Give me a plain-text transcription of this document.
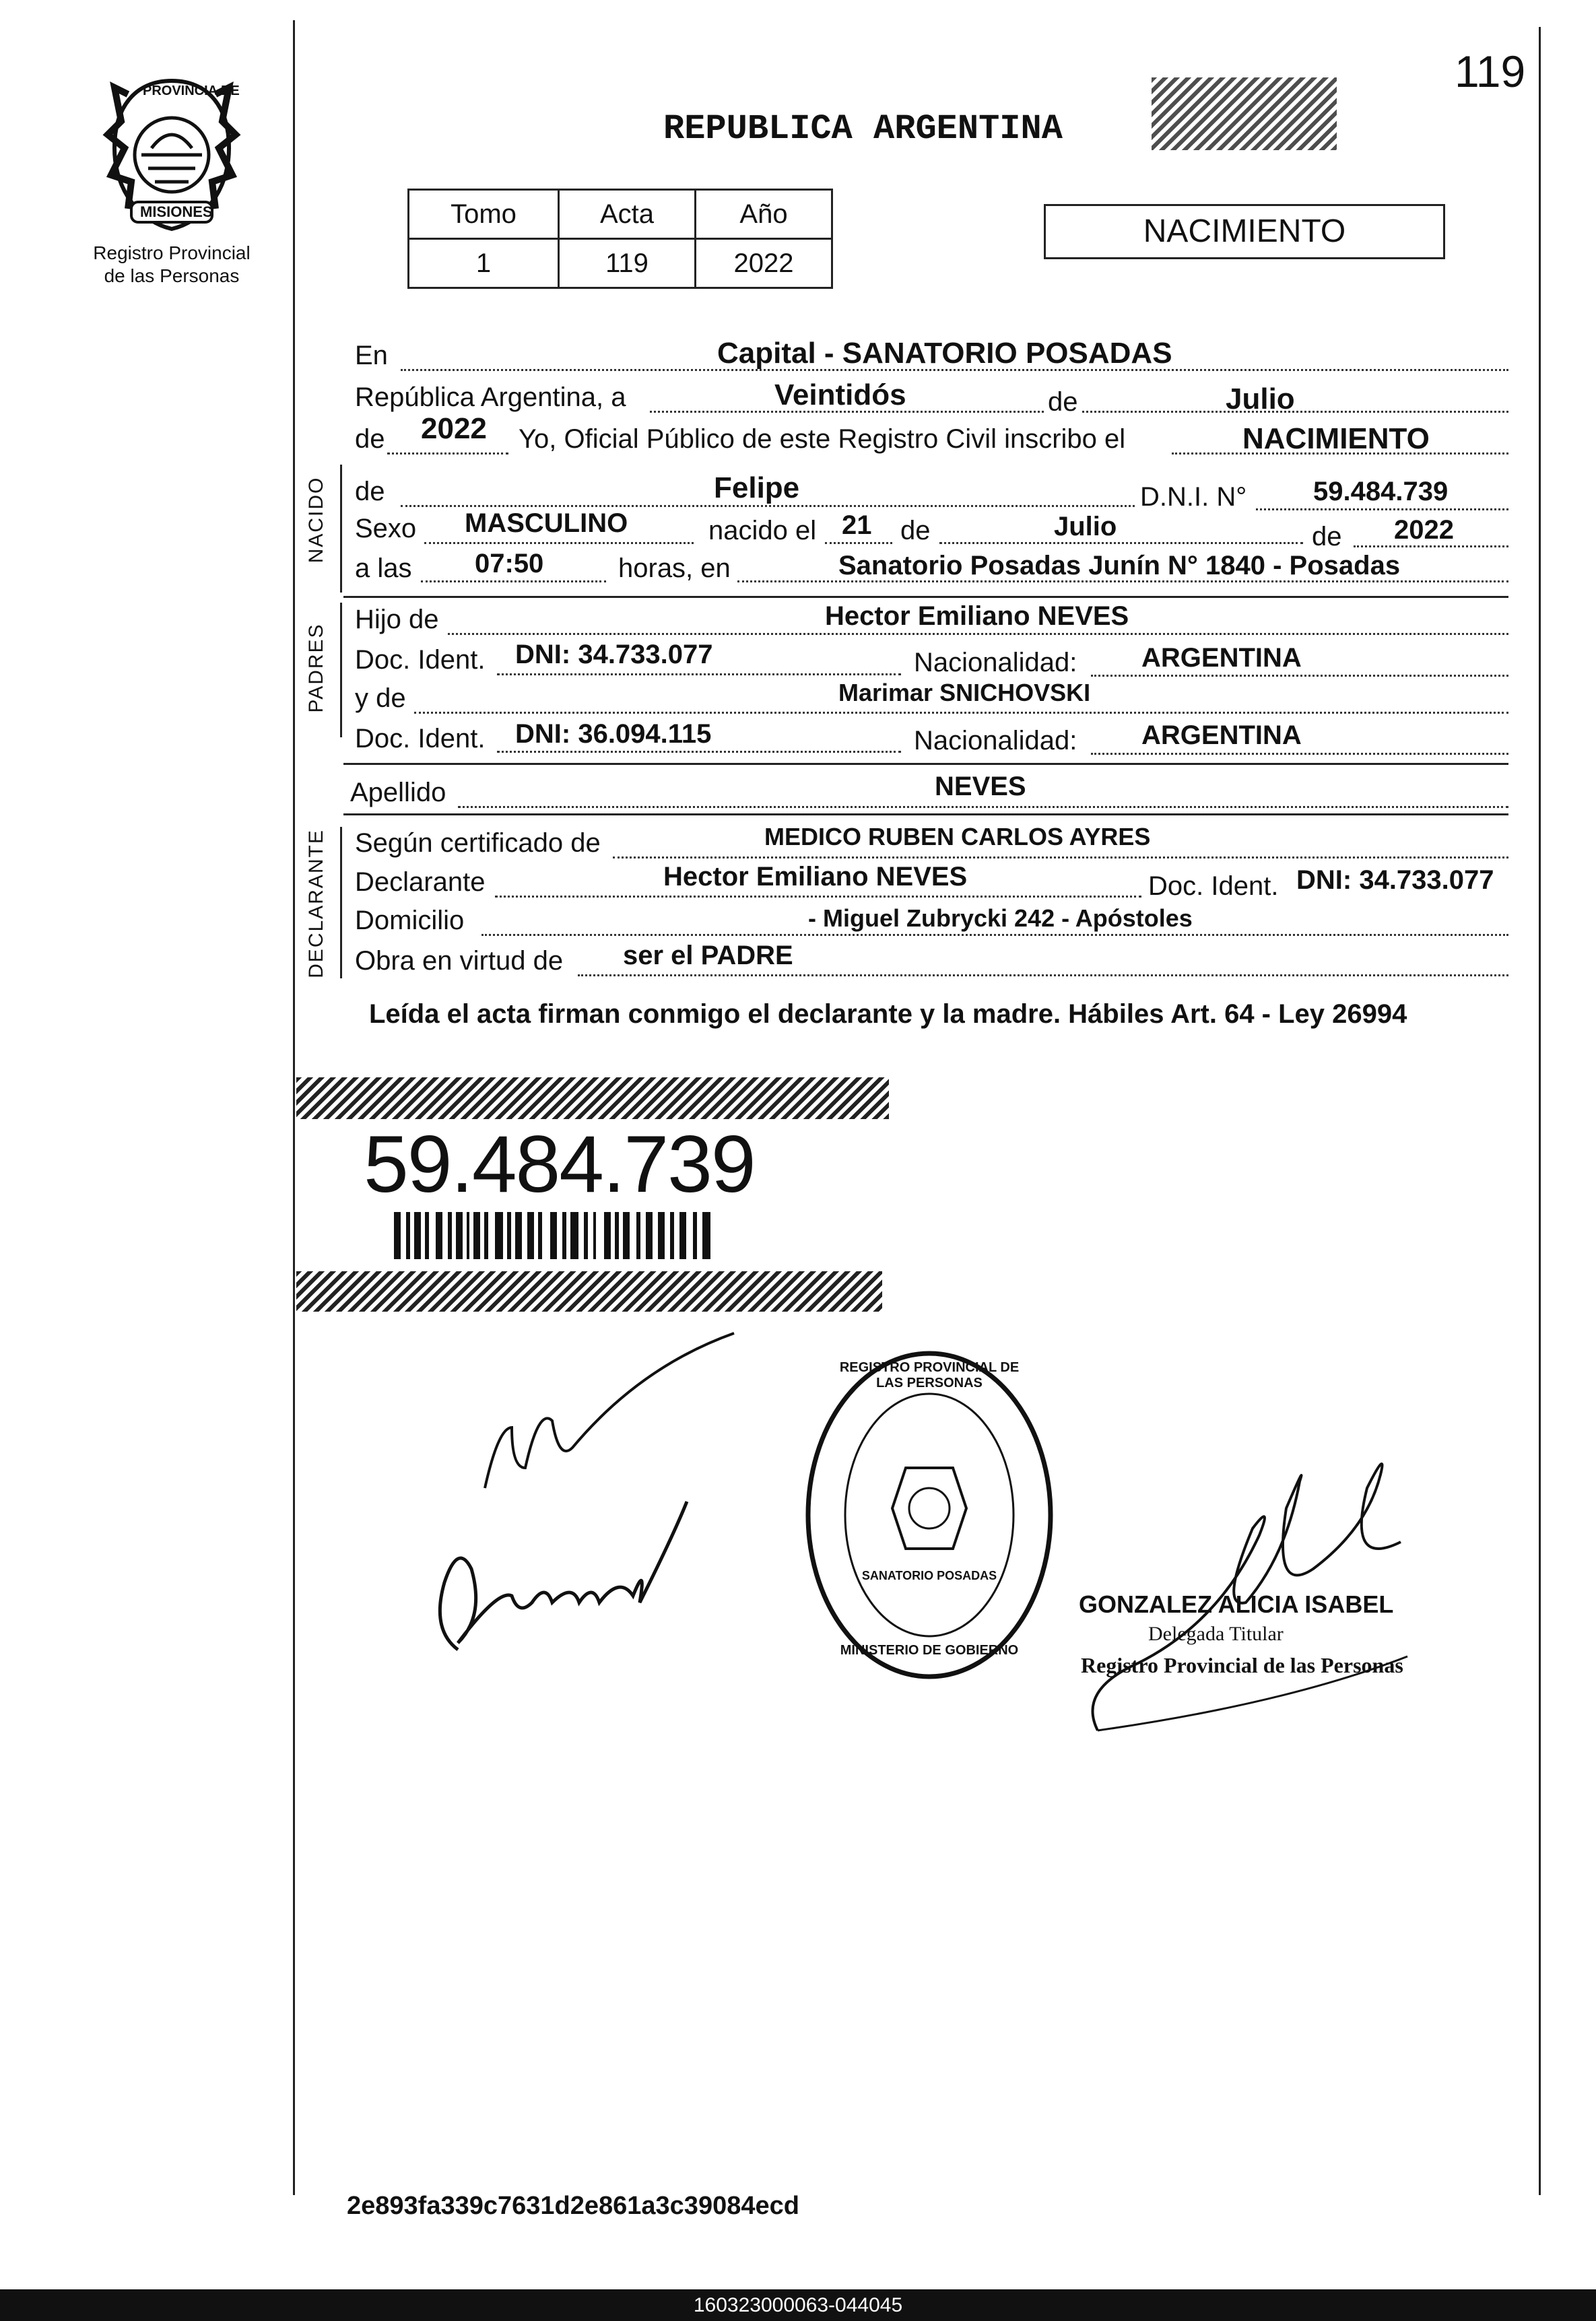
119
PROVINCIA DE
MISIONES
Registro Provincial
de las Personas
REPUBLICA ARGENTINA
Tomo	Acta	Año
1	119	2022
NACIMIENTO
En	Capital - SANATORIO POSADAS
República Argentina, a	Veintidós	de	Julio
de 2022 Yo, Oficial Público de este Registro Civil inscribo el	NACIMIENTO
NACIDO de	Felipe	D.N.I. N° 59.484.739
Sexo MASCULINO	nacido el 21 de	Julio	de 2022
a las 07:50	horas, en	Sanatorio Posadas Junín N° 1840 - Posadas
PADRES
Hijo de	Hector Emiliano NEVES
Doc. Ident. DNI: 34.733.077	Nacionalidad: ARGENTINA
y de	Marimar SNICHOVSKI
Doc. Ident. DNI: 36.094.115	Nacionalidad: ARGENTINA
Apellido	NEVES
DECLARANTE Según certificado de	MEDICO RUBEN CARLOS AYRES
Declarante	Hector Emiliano NEVES	Doc. Ident. DNI: 34.733.077
Domicilio	- Miguel Zubrycki 242 - Apóstoles
Obra en virtud de ser el PADRE
Leída el acta firman conmigo el declarante y la madre. Hábiles Art. 64 - Ley 26994
59.484.739
REGISTRO PROVINCIAL DE LAS PERSONAS
SANATORIO POSADAS
MINISTERIO DE GOBIERNO
GONZALEZ ALICIA ISABEL
Delegada Titular
Registro Provincial de las Personas
2e893fa339c7631d2e861a3c39084ecd
160323000063-044045
